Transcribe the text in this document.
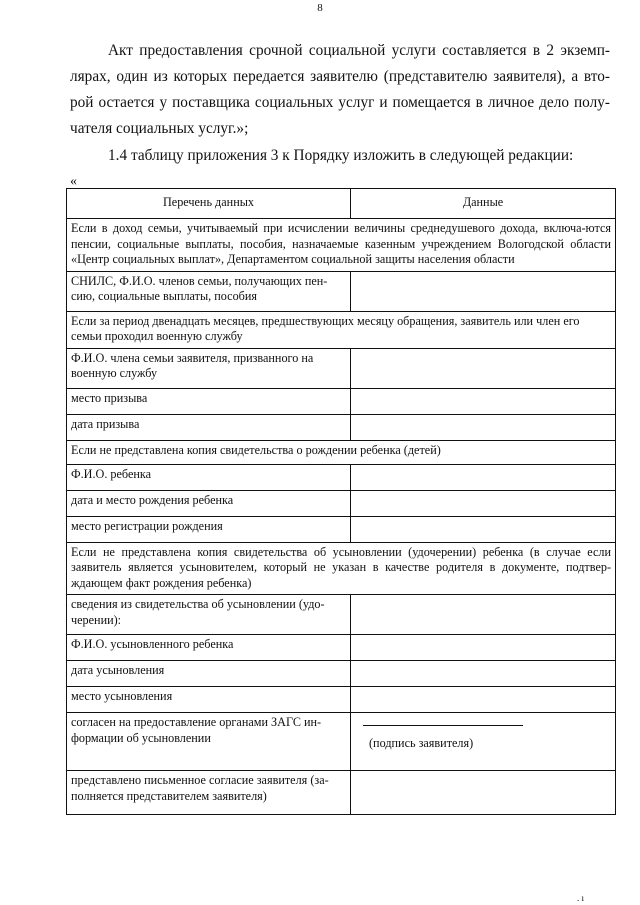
8
Акт предоставления срочной социальной услуги составляется в 2 экземп-
лярах, один из которых передается заявителю (представителю заявителя), а вто-
рой остается у поставщика социальных услуг и помещается в личное дело полу-
чателя социальных услуг.»;
1.4 таблицу приложения 3 к Порядку изложить в следующей редакции:
«
Перечень данных	Данные
Если в доход семьи, учитываемый при исчислении величины среднедушевого дохода, включа-ются пенсии, социальные выплаты, пособия, назначаемые казенным учреждением Вологодской области «Центр социальных выплат», Департаментом социальной защиты населения области	
СНИЛС, Ф.И.О. членов семьи, получающих пен-сию, социальные выплаты, пособия	
Если за период двенадцать месяцев, предшествующих месяцу обращения, заявитель или член его семьи проходил военную службу	
Ф.И.О. члена семьи заявителя, призванного на военную службу	
место призыва	
дата призыва	
Если не представлена копия свидетельства о рождении ребенка (детей)	
Ф.И.О. ребенка	
дата и место рождения ребенка	
место регистрации рождения	
Если не представлена копия свидетельства об усыновлении (удочерении) ребенка (в случае если заявитель является усыновителем, который не указан в качестве родителя в документе, подтвер-ждающем факт рождения ребенка)	
сведения из свидетельства об усыновлении (удо-черении):	
Ф.И.О. усыновленного ребенка	
дата усыновления	
место усыновления	
согласен на предоставление органами ЗАГС ин-формации об усыновлении	(подпись заявителя)

представлено письменное согласие заявителя (за-полняется представителем заявителя)	
. ı
